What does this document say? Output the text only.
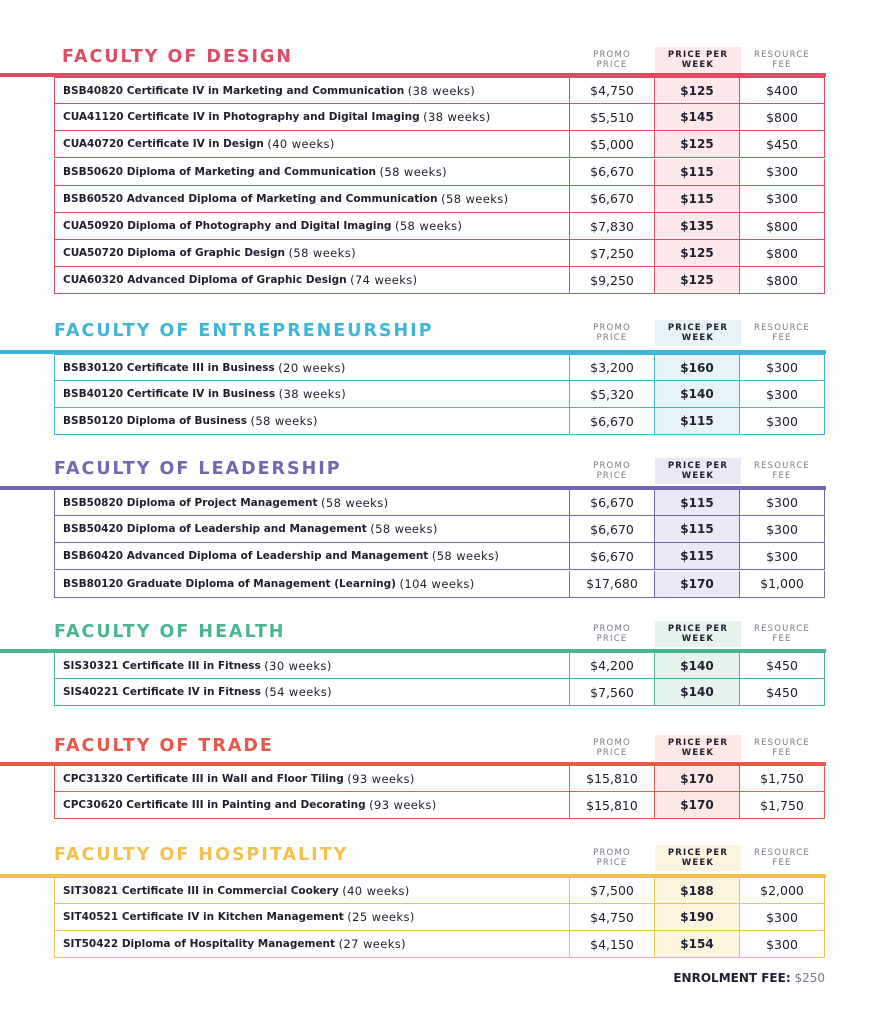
FACULTY OF DESIGN	PROMO
PRICE
PRICE PER
WEEK
RESOURCE
FEE
BSB40820 Certificate IV in Marketing and Communication
(38 weeks)	$4,750	$125	$400
CUA41120 Certificate IV in Photography and Digital Imaging
(38 weeks)	$5,510	$145	$800
CUA40720 Certificate IV in Design
(40 weeks)	$5,000	$125	$450
BSB50620 Diploma of Marketing and Communication
(58 weeks)	$6,670	$115	$300
BSB60520 Advanced Diploma of Marketing and Communication
(58 weeks)	$6,670	$115	$300
CUA50920 Diploma of Photography and Digital Imaging
(58 weeks)	$7,830	$135	$800
CUA50720 Diploma of Graphic Design
(58 weeks)	$7,250	$125	$800
CUA60320 Advanced Diploma of Graphic Design
(74 weeks)	$9,250	$125	$800
FACULTY OF ENTREPRENEURSHIP	PROMO
PRICE
PRICE PER
WEEK
RESOURCE
FEE
BSB30120 Certificate III in Business
(20 weeks)	$3,200	$160	$300
BSB40120 Certificate IV in Business
(38 weeks)	$5,320	$140	$300
BSB50120 Diploma of Business
(58 weeks)	$6,670	$115	$300
FACULTY OF LEADERSHIP	PROMO
PRICE
PRICE PER
WEEK
RESOURCE
FEE
BSB50820 Diploma of Project Management
(58 weeks)	$6,670	$115	$300
BSB50420 Diploma of Leadership and Management
(58 weeks)	$6,670	$115	$300
BSB60420 Advanced Diploma of Leadership and Management
(58 weeks)	$6,670	$115	$300
BSB80120 Graduate Diploma of Management (Learning)
(104 weeks)	$17,680	$170	$1,000
FACULTY OF HEALTH	PROMO
PRICE
PRICE PER
WEEK
RESOURCE
FEE
SIS30321 Certificate III in Fitness
(30 weeks)	$4,200	$140	$450
SIS40221 Certificate IV in Fitness
(54 weeks)	$7,560	$140	$450
FACULTY OF TRADE	PROMO
PRICE
PRICE PER
WEEK
RESOURCE
FEE
CPC31320 Certificate III in Wall and Floor Tiling
(93 weeks)	$15,810	$170	$1,750
CPC30620 Certificate III in Painting and Decorating
(93 weeks)	$15,810	$170	$1,750
FACULTY OF HOSPITALITY	PROMO
PRICE
PRICE PER
WEEK
RESOURCE
FEE
SIT30821 Certificate III in Commercial Cookery
(40 weeks)	$7,500	$188	$2,000
SIT40521 Certificate IV in Kitchen Management
(25 weeks)	$4,750	$190	$300
SIT50422 Diploma of Hospitality Management
(27 weeks)	$4,150	$154	$300
ENROLMENT FEE: $250
